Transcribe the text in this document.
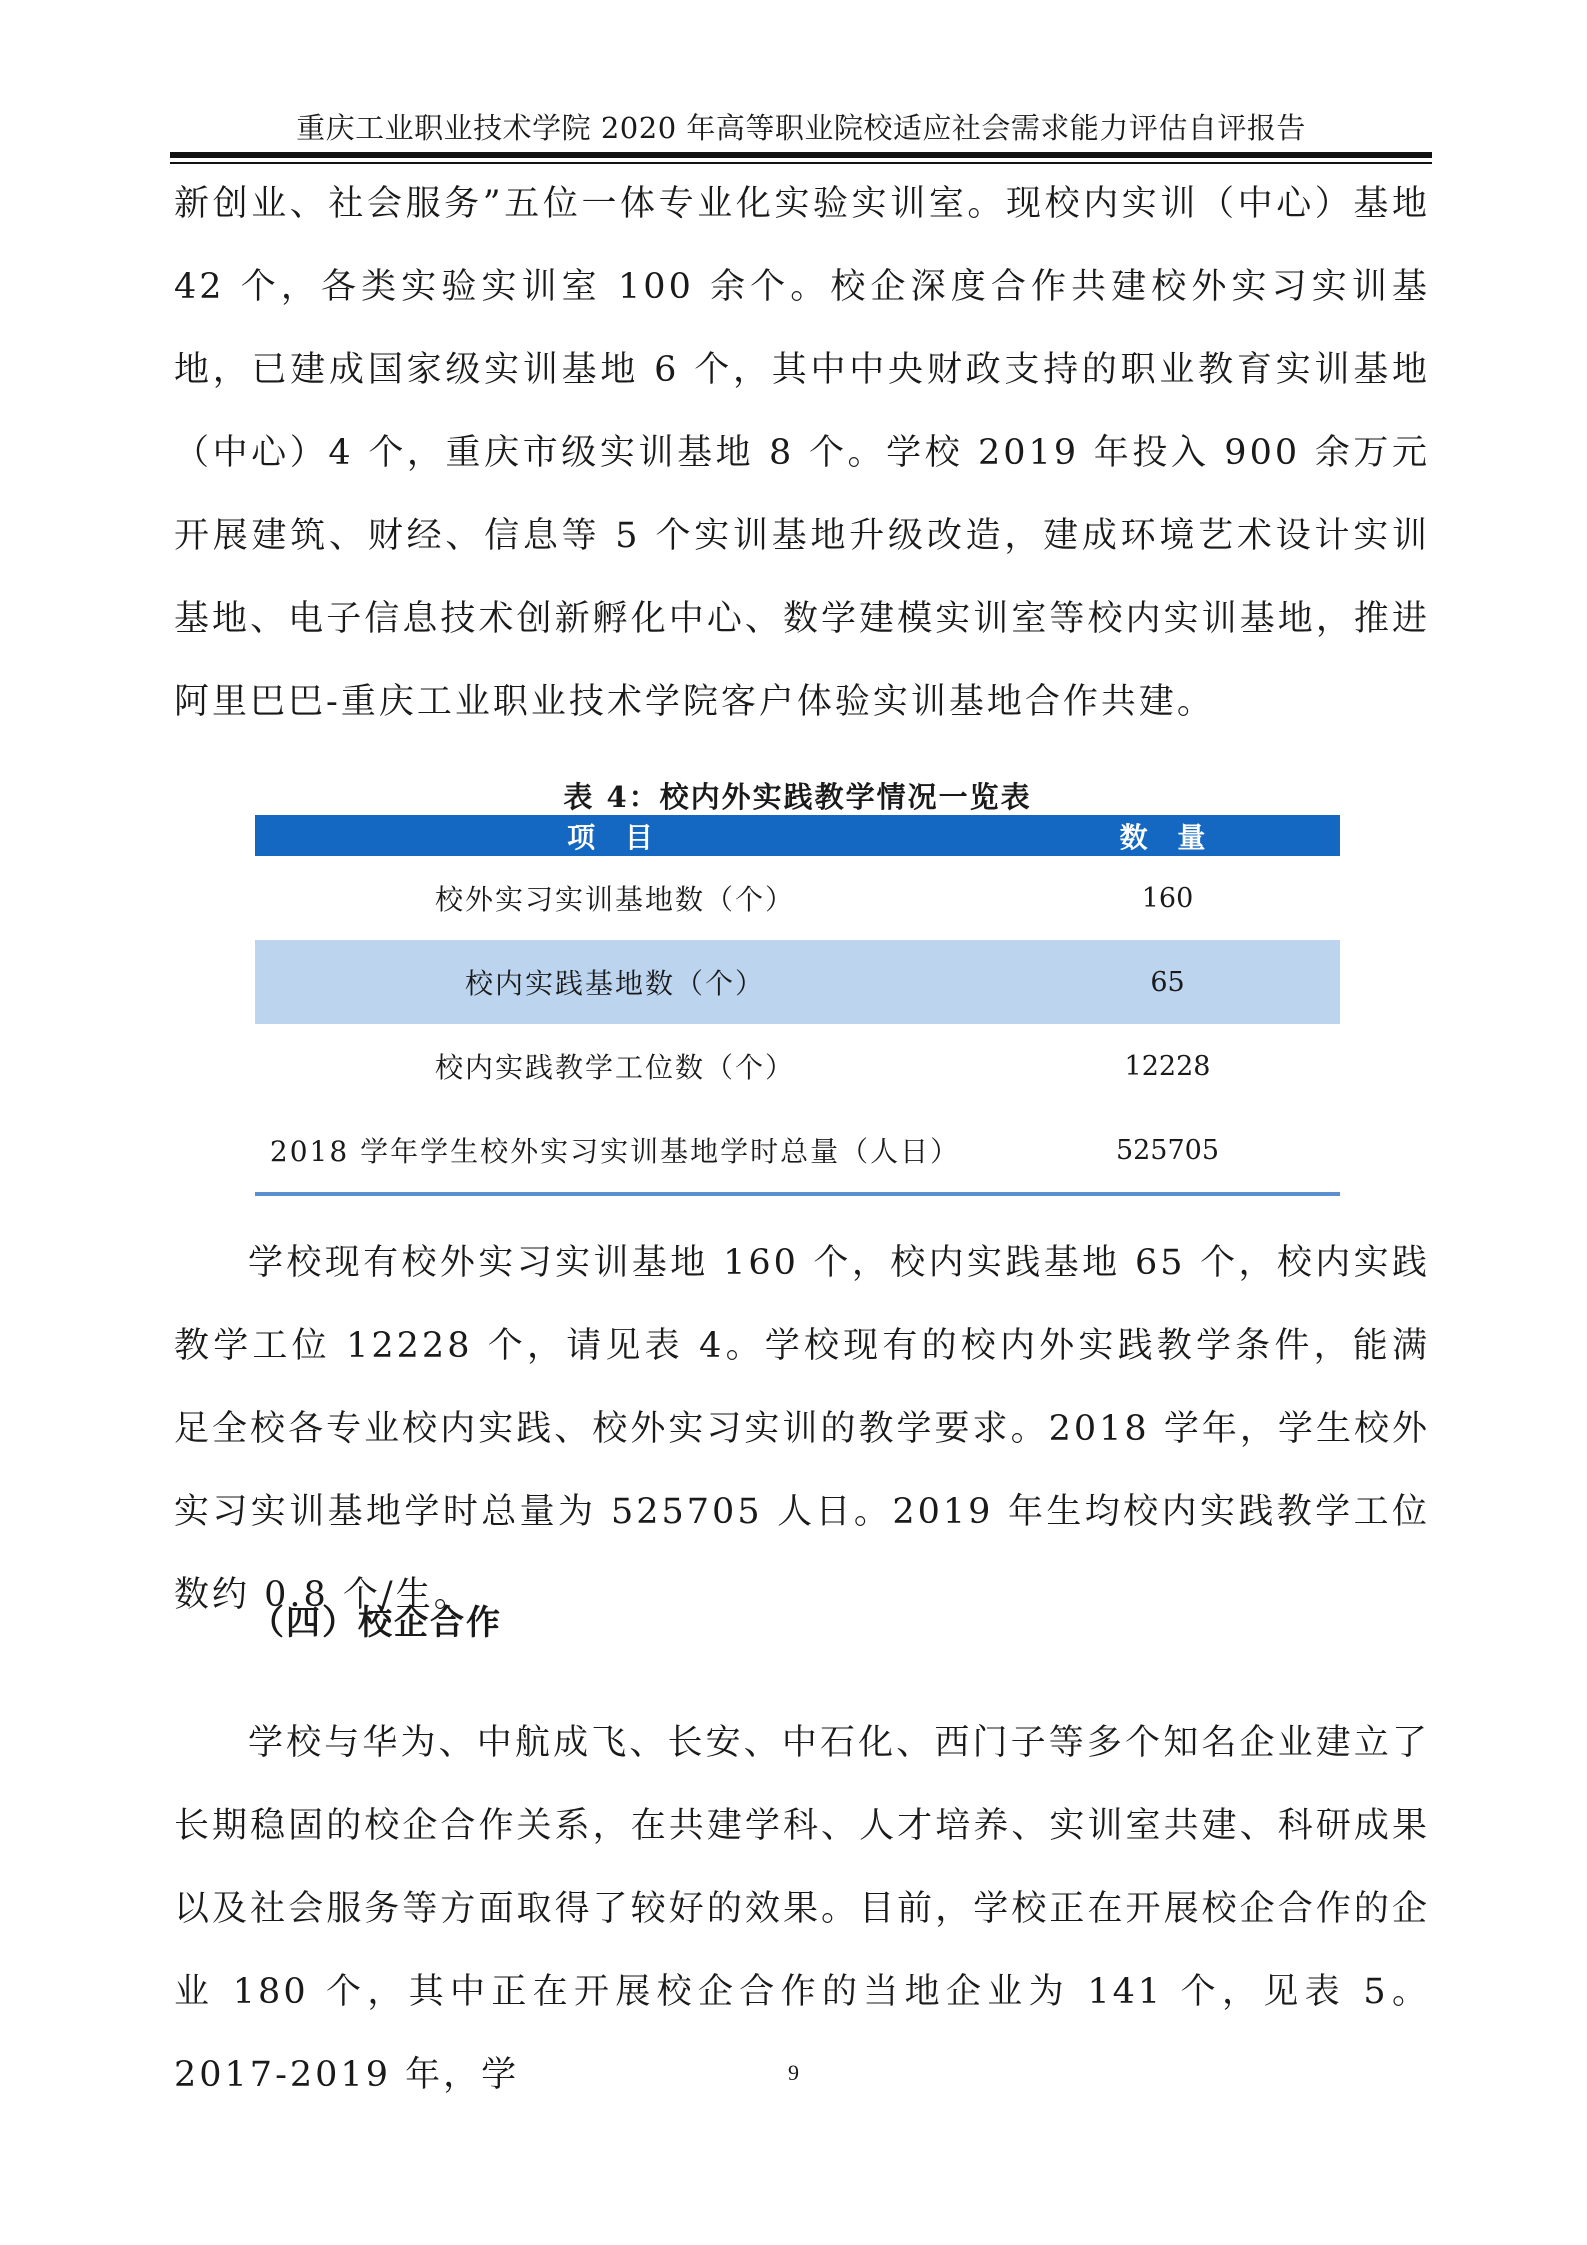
重庆工业职业技术学院 2020 年高等职业院校适应社会需求能力评估自评报告

新创业、社会服务”五位一体专业化实验实训室。现校内实训（中心）基地 42 个，各类实验实训室 100 余个。校企深度合作共建校外实习实训基地，已建成国家级实训基地 6 个，其中中央财政支持的职业教育实训基地（中心）4 个，重庆市级实训基地 8 个。学校 2019 年投入 900 余万元开展建筑、财经、信息等 5 个实训基地升级改造，建成环境艺术设计实训基地、电子信息技术创新孵化中心、数学建模实训室等校内实训基地，推进阿里巴巴-重庆工业职业技术学院客户体验实训基地合作共建。

表 4：校内外实践教学情况一览表
项 目	数 量
校外实习实训基地数（个）	160
校内实践基地数（个）	65
校内实践教学工位数（个）	12228
2018 学年学生校外实习实训基地学时总量（人日）	525705

学校现有校外实习实训基地 160 个，校内实践基地 65 个，校内实践教学工位 12228 个，请见表 4。学校现有的校内外实践教学条件，能满足全校各专业校内实践、校外实习实训的教学要求。2018 学年，学生校外实习实训基地学时总量为 525705 人日。2019 年生均校内实践教学工位数约 0.8 个/生。

（四）校企合作

学校与华为、中航成飞、长安、中石化、西门子等多个知名企业建立了长期稳固的校企合作关系，在共建学科、人才培养、实训室共建、科研成果以及社会服务等方面取得了较好的效果。目前，学校正在开展校企合作的企业 180 个，其中正在开展校企合作的当地企业为 141 个，见表 5。2017-2019 年，学	9
